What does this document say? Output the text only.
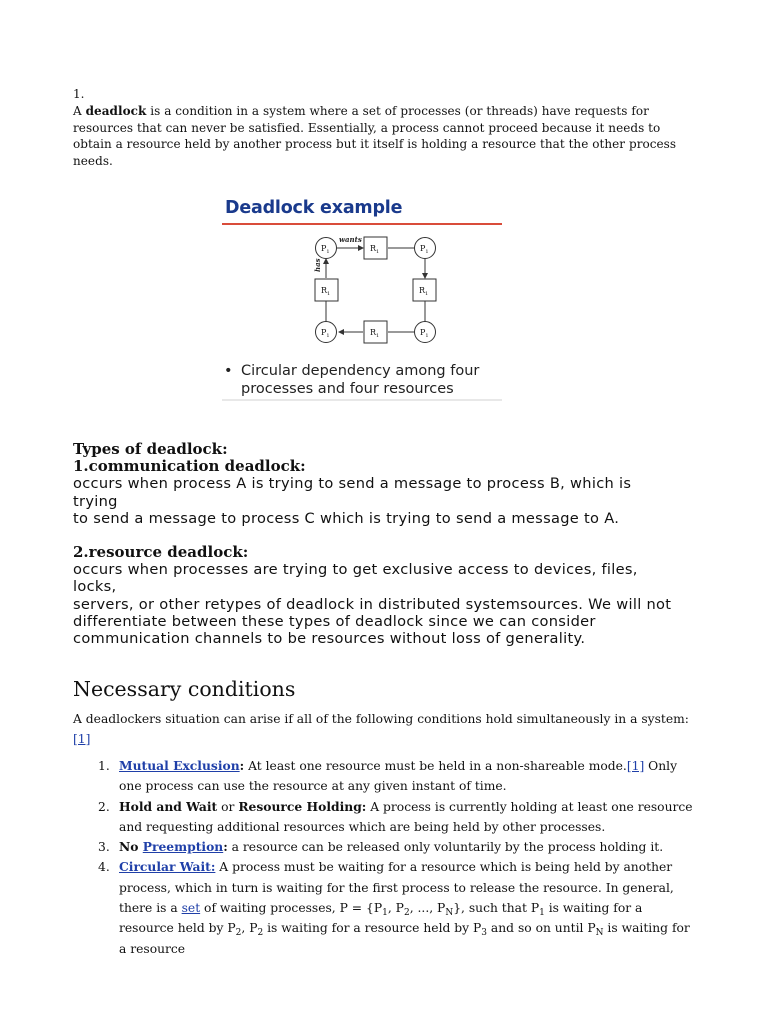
1.

A deadlock is a condition in a system where a set of processes (or threads) have requests for resources that can never be satisfied. Essentially, a process cannot proceed because it needs to obtain a resource held by another process but it itself is holding a resource that the other process needs.

Deadlock example
wants
has
$P_1$	$P_1$
$P_1$	$P_1$
$R_1$
$R_1$	$R_1$
$R_1$
• Circular dependency among four
processes and four resources
Types of deadlock:
1.communication deadlock:
occurs when process A is trying to send a message to process B, which is
trying
to send a message to process C which is trying to send a message to A.
2.resource deadlock:
occurs when processes are trying to get exclusive access to devices, files,
locks,
servers, or other retypes of deadlock in distributed systemsources. We will not
differentiate between these types of deadlock since we can consider
communication channels to be resources without loss of generality.
Necessary conditions

A deadlockers situation can arise if all of the following conditions hold simultaneously in a system: [1]

1. Mutual Exclusion: At least one resource must be held in a non-shareable mode.[1] Only one process can use the resource at any given instant of time.
2. Hold and Wait or Resource Holding: A process is currently holding at least one resource and requesting additional resources which are being held by other processes.
3. No Preemption: a resource can be released only voluntarily by the process holding it.
4. Circular Wait: A process must be waiting for a resource which is being held by another process, which in turn is waiting for the first process to release the resource. In general, there is a set of waiting processes, $P = \{P_1$, $P_2$, ..., $P_N$}, such that $P_1$ is waiting for a resource held by $P_2$, $P_2$ is waiting for a resource held by $P_3$ and so on until $P_N$ is waiting for a resource
